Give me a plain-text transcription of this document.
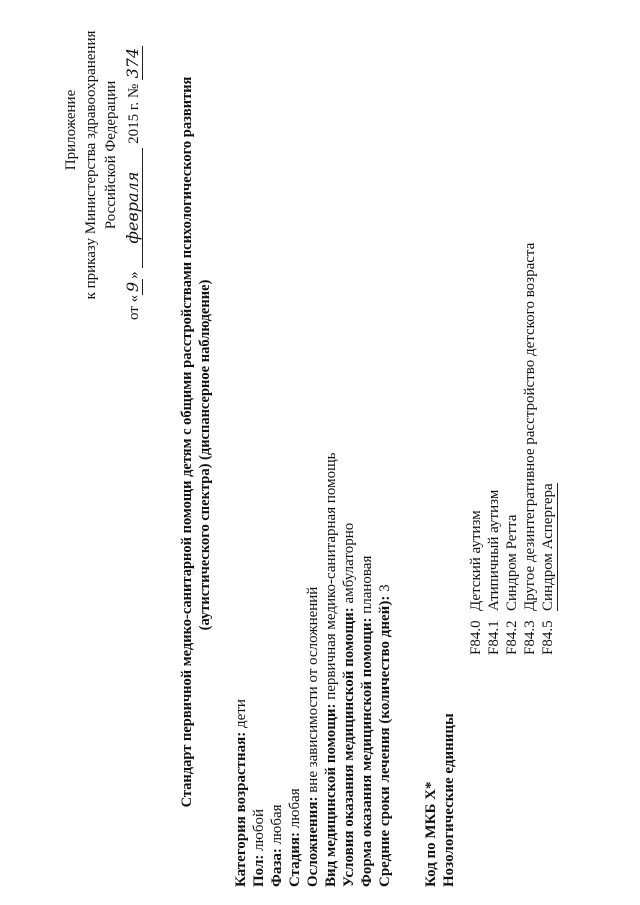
Приложение к приказу Министерства здравоохранения Российской Федерации
от «9» февраля 2015 г. № 374
Стандарт первичной медико-санитарной помощи детям с общими расстройствами психологического развития (аутистического спектра) (диспансерное наблюдение)
Категория возрастная: дети
Пол: любой
Фаза: любая
Стадия: любая Осложнения: вне зависимости от осложнений Вид медицинской помощи: первичная медико-санитарная помощь
Условия оказания медицинской помощи: амбулаторно
Форма оказания медицинской помощи: плановая
Средние сроки лечения (количество дней): 3
Код по МКБ X* Нозологические единицы
F84.0Детский аутизм
F84.1Атипичный аутизм
F84.2Синдром Ретта
F84.3Другое дезинтегративное расстройство детского возраста
F84.5Синдром Аспергера
